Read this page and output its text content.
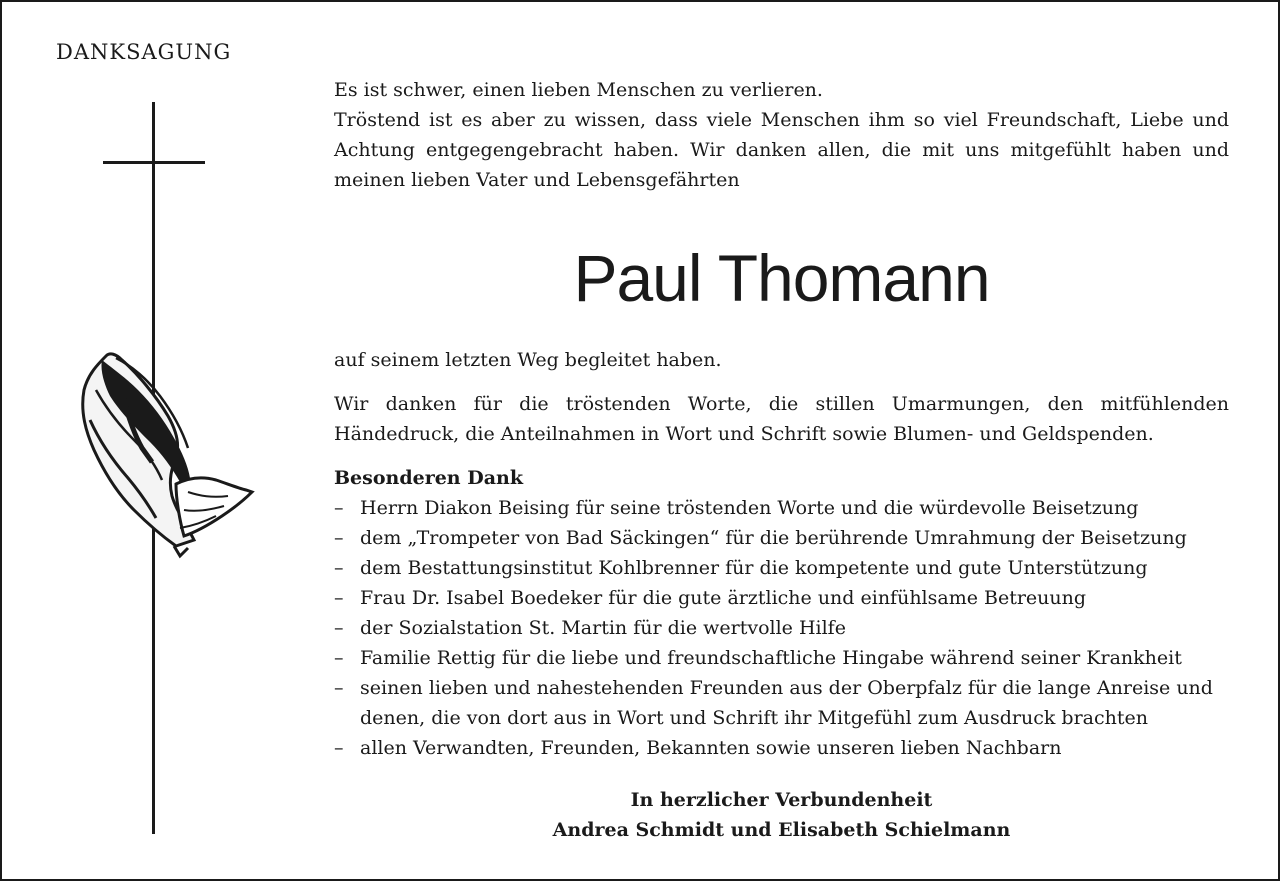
DANKSAGUNG

Es ist schwer, einen lieben Menschen zu verlieren.

Tröstend ist es aber zu wissen, dass viele Menschen ihm so viel Freundschaft, Liebe und Achtung entgegengebracht haben. Wir danken allen, die mit uns mitgefühlt haben und meinen lieben Vater und Lebensgefährten

Paul Thomann

auf seinem letzten Weg begleitet haben.

Wir danken für die tröstenden Worte, die stillen Umarmungen, den mitfühlenden Händedruck, die Anteilnahmen in Wort und Schrift sowie Blumen- und Geldspenden.

Besonderen Dank

– Herrn Diakon Beising für seine tröstenden Worte und die würdevolle Beisetzung
– dem „Trompeter von Bad Säckingen“ für die berührende Umrahmung der Beisetzung
– dem Bestattungsinstitut Kohlbrenner für die kompetente und gute Unterstützung
– Frau Dr. Isabel Boedeker für die gute ärztliche und einfühlsame Betreuung
– der Sozialstation St. Martin für die wertvolle Hilfe
– Familie Rettig für die liebe und freundschaftliche Hingabe während seiner Krankheit
– seinen lieben und nahestehenden Freunden aus der Oberpfalz für die lange Anreise und denen, die von dort aus in Wort und Schrift ihr Mitgefühl zum Ausdruck brachten
– allen Verwandten, Freunden, Bekannten sowie unseren lieben Nachbarn
In herzlicher Verbundenheit
Andrea Schmidt und Elisabeth Schielmann
